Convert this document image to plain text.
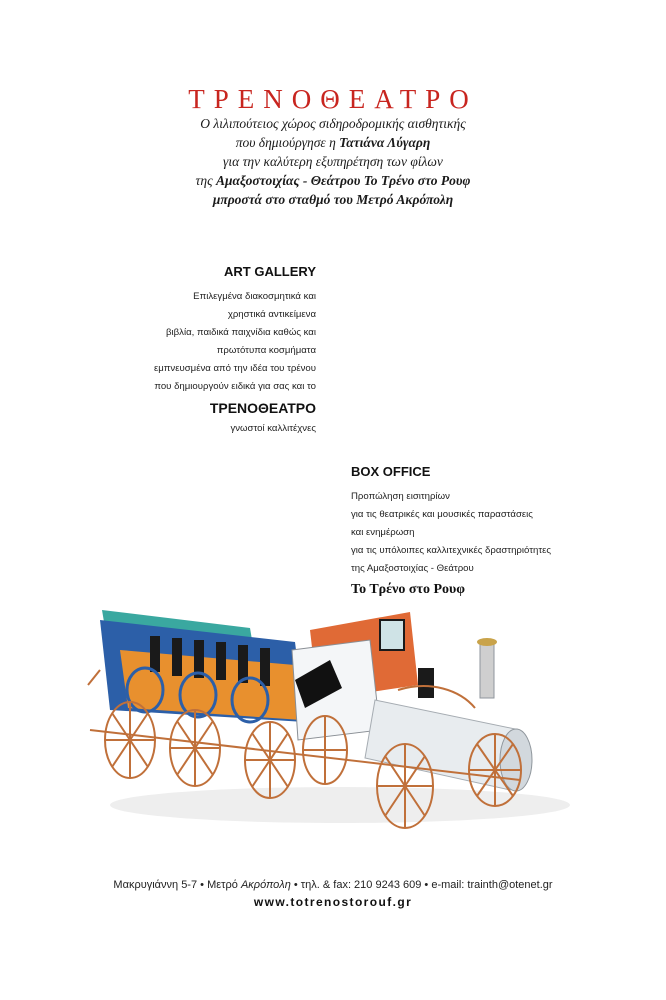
ΤΡΕΝΟΘΕΑΤΡΟ
Ο λιλιπούτειος χώρος σιδηροδρομικής αισθητικής
που δημιούργησε η Τατιάνα Λύγαρη
για την καλύτερη εξυπηρέτηση των φίλων
της Αμαξοστοιχίας - Θεάτρου Το Τρένο στο Ρουφ
μπροστά στο σταθμό του Μετρό Ακρόπολη
ART GALLERY
Επιλεγμένα διακοσμητικά και
χρηστικά αντικείμενα
βιβλία, παιδικά παιχνίδια καθώς και
πρωτότυπα κοσμήματα
εμπνευσμένα από την ιδέα του τρένου
που δημιουργούν ειδικά για σας και το
ΤΡΕΝΟΘΕΑΤΡΟ
γνωστοί καλλιτέχνες
BOX OFFICE
Προπώληση εισιτηρίων
για τις θεατρικές και μουσικές παραστάσεις
και ενημέρωση
για τις υπόλοιπες καλλιτεχνικές δραστηριότητες
της Αμαξοστοιχίας - Θεάτρου
Το Τρένο στο Ρουφ
Μακρυγιάννη 5-7 • Μετρό Ακρόπολη • τηλ. & fax: 210 9243 609 • e-mail: trainth@otenet.gr
www.totrenostorouf.gr
